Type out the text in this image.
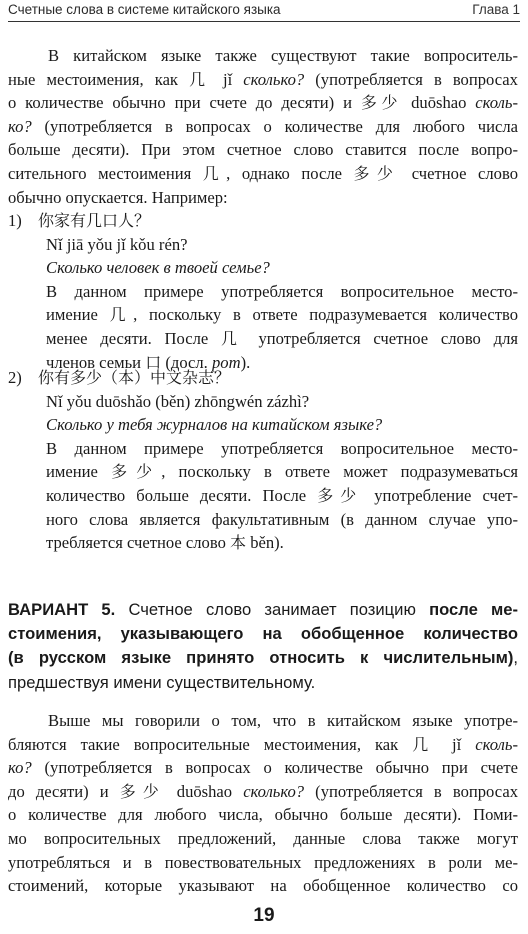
Счетные слова в системе китайского языка	Глава 1
В китайском языке также существуют такие вопроситель-
ные местоимения, как 几 jǐ сколько? (употребляется в вопросах
о количестве обычно при счете до десяти) и 多少 duōshao сколь-
ко? (употребляется в вопросах о количестве для любого числа
больше десяти). При этом счетное слово ставится после вопро-
сительного местоимения 几, однако после 多少 счетное слово
обычно опускается. Например:
1) 你家有几口人？
Nǐ jiā yǒu jǐ kǒu rén?
Сколько человек в твоей семье?
В данном примере употребляется вопросительное место-
имение 几, поскольку в ответе подразумевается количество
менее десяти. После 几 употребляется счетное слово для
членов семьи 口 (досл. рот).
2) 你有多少（本）中文杂志？
Nǐ yǒu duōshǎo (běn) zhōngwén zázhì?
Сколько у тебя журналов на китайском языке?
В данном примере употребляется вопросительное место-
имение 多少, поскольку в ответе может подразумеваться
количество больше десяти. После 多少 употребление счет-
ного слова является факультативным (в данном случае упо-
требляется счетное слово 本 běn).
ВАРИАНТ 5. Счетное слово занимает позицию после ме-
стоимения, указывающего на обобщенное количество
(в русском языке принято относить к числительным),
предшествуя имени существительному.
Выше мы говорили о том, что в китайском языке употре-
бляются такие вопросительные местоимения, как 几 jǐ сколь-
ко? (употребляется в вопросах о количестве обычно при счете
до десяти) и 多少 duōshao сколько? (употребляется в вопросах
о количестве для любого числа, обычно больше десяти). Поми-
мо вопросительных предложений, данные слова также могут
употребляться и в повествовательных предложениях в роли ме-
стоимений, которые указывают на обобщенное количество со
19
